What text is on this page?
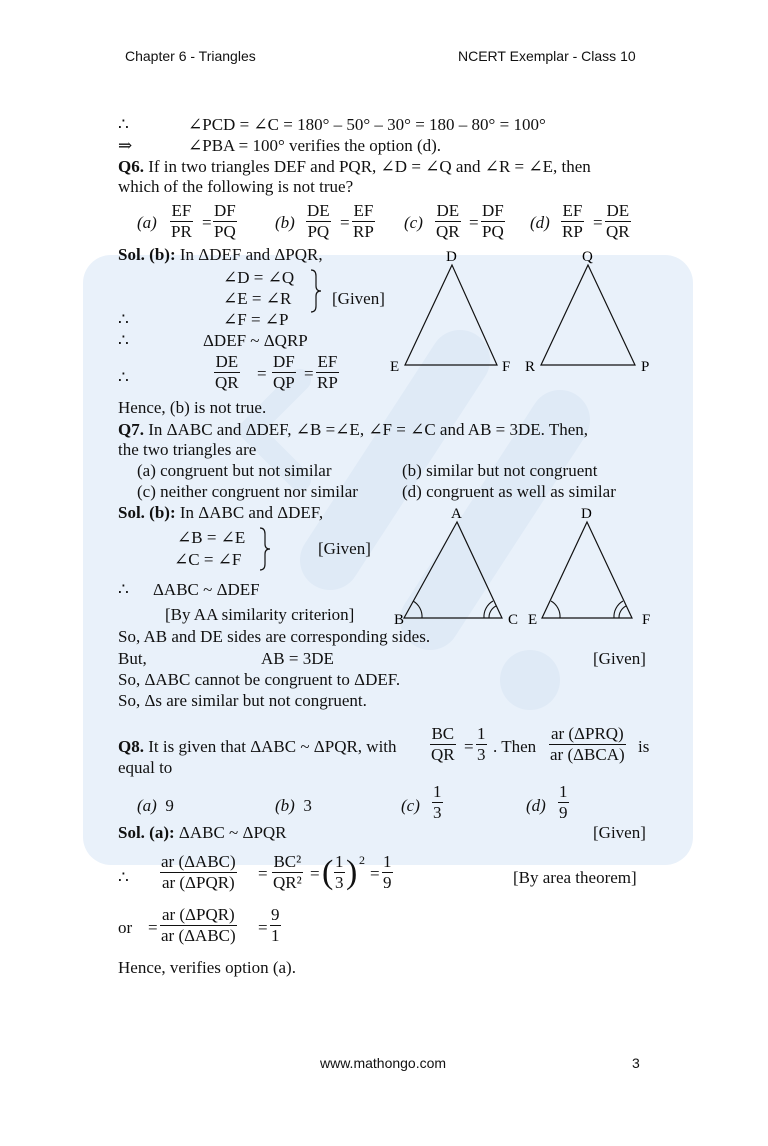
Chapter 6 - Triangles	NCERT Exemplar - Class 10
∴	∠PCD = ∠C = 180° – 50° – 30° = 180 – 80° = 100°
⇒	∠PBA = 100° verifies the option (d).
Q6. If in two triangles DEF and PQR, ∠D = ∠Q and ∠R = ∠E, then
which of the following is not true?
$(a) \frac{EF}{PR} = \frac{DF}{PQ} (b) \frac{DE}{PQ} = \frac{EF}{RP} (c) \frac{DE}{QR} = \frac{DF}{PQ} (d) \frac{EF}{RP} = \frac{DE}{QR}$
Sol. (b): In ΔDEF and ΔPQR,
∠D = ∠Q
∠E = ∠R [Given]
∴	∠F = ∠P
∴	ΔDEF ~ ΔQRP
∴	$\frac{DE}{QR} = \frac{DF}{QP} = \frac{EF}{RP}$
Hence, (b) is not true.
D
E	F
Q
R	P
Q7. In ΔABC and ΔDEF, ∠B =∠E, ∠F = ∠C and AB = 3DE. Then,
the two triangles are
(a) congruent but not similar	(b) similar but not congruent
(c) neither congruent nor similar	(d) congruent as well as similar
Sol. (b): In ΔABC and ΔDEF,
∠B = ∠E
∠C = ∠F
[Given]
∴ ΔABC ~ ΔDEF
[By AA similarity criterion]
So, AB and DE sides are corresponding sides.
But,	AB = 3DE	[Given]
So, ΔABC cannot be congruent to ΔDEF.
So, Δs are similar but not congruent.
A
B	C
D
E	F
Q8. It is given that ΔABC ~ ΔPQR, with $\frac{BC}{QR} = \frac{1}{3}$ . Then
ar (ΔPRQ)
ar (ΔBCA) is
equal to
(a) 9	(b) 3	$(c) \frac{1}{3}$	$(d) \frac{1}{9}$
Sol. (a): ΔABC ~ ΔPQR	[Given]
∴
ar (ΔABC)
ar $(\Delta PQR) = \frac{\text{BC²}}{\text{QR²}}$ = ( $\frac{1}{3}$ ) 2
= $\frac{1}{9}$	[By area theorem]
or =
ar (ΔPQR)
ar $(\Delta ABC) = \frac{9}{1}$
Hence, verifies option (a).
www.mathongo.com	3
